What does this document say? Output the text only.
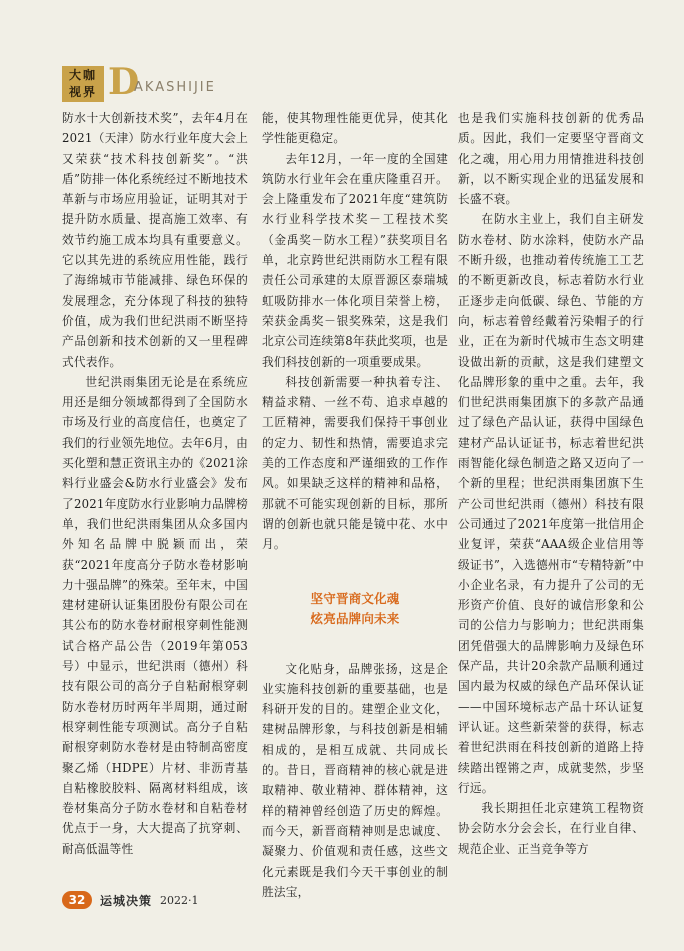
大咖
视界 D
AKASHIJIE

防水十大创新技术奖”，去年4月在2021（天津）防水行业年度大会上又荣获“技术科技创新奖”。“洪盾”防排一体化系统经过不断地技术革新与市场应用验证，证明其对于提升防水质量、提高施工效率、有效节约施工成本均具有重要意义。它以其先进的系统应用性能，践行了海绵城市节能减排、绿色环保的发展理念，充分体现了科技的独特价值，成为我们世纪洪雨不断坚持产品创新和技术创新的又一里程碑式代表作。

世纪洪雨集团无论是在系统应用还是细分领域都得到了全国防水市场及行业的高度信任，也奠定了我们的行业领先地位。去年6月，由买化塑和慧正资讯主办的《2021涂料行业盛会&防水行业盛会》发布了2021年度防水行业影响力品牌榜单，我们世纪洪雨集团从众多国内外知名品牌中脱颖而出，荣获“2021年度高分子防水卷材影响力十强品牌”的殊荣。至年末，中国建材建研认证集团股份有限公司在其公布的防水卷材耐根穿刺性能测试合格产品公告（2019年第053号）中显示，世纪洪雨（德州）科技有限公司的高分子自粘耐根穿刺防水卷材历时两年半周期，通过耐根穿刺性能专项测试。高分子自粘耐根穿刺防水卷材是由特制高密度聚乙烯（HDPE）片材、非沥青基自粘橡胶胶料、隔离材料组成，该卷材集高分子防水卷材和自粘卷材优点于一身，大大提高了抗穿刺、耐高低温等性

能，使其物理性能更优异，使其化学性能更稳定。

去年12月，一年一度的全国建筑防水行业年会在重庆隆重召开。会上隆重发布了2021年度“建筑防水行业科学技术奖－工程技术奖（金禹奖－防水工程）”获奖项目名单，北京跨世纪洪雨防水工程有限责任公司承建的太原晋源区泰瑞城虹吸防排水一体化项目荣誉上榜，荣获金禹奖－银奖殊荣，这是我们北京公司连续第8年获此奖项，也是我们科技创新的一项重要成果。

科技创新需要一种执着专注、精益求精、一丝不苟、追求卓越的工匠精神，需要我们保持干事创业的定力、韧性和热情，需要追求完美的工作态度和严谨细致的工作作风。如果缺乏这样的精神和品格，那就不可能实现创新的目标，那所谓的创新也就只能是镜中花、水中月。

坚守晋商文化魂
炫亮品牌向未来

文化贴身，品牌张扬，这是企业实施科技创新的重要基础，也是科研开发的目的。建塑企业文化，建树品牌形象，与科技创新是相辅相成的，是相互成就、共同成长的。昔日，晋商精神的核心就是进取精神、敬业精神、群体精神，这样的精神曾经创造了历史的辉煌。而今天，新晋商精神则是忠诚度、凝聚力、价值观和责任感，这些文化元素既是我们今天干事创业的制胜法宝，

也是我们实施科技创新的优秀品质。因此，我们一定要坚守晋商文化之魂，用心用力用情推进科技创新，以不断实现企业的迅猛发展和长盛不衰。

在防水主业上，我们自主研发防水卷材、防水涂料，使防水产品不断升级，也推动着传统施工工艺的不断更新改良，标志着防水行业正逐步走向低碳、绿色、节能的方向，标志着曾经戴着污染帽子的行业，正在为新时代城市生态文明建设做出新的贡献，这是我们建塑文化品牌形象的重中之重。去年，我们世纪洪雨集团旗下的多款产品通过了绿色产品认证，获得中国绿色建材产品认证证书，标志着世纪洪雨智能化绿色制造之路又迈向了一个新的里程；世纪洪雨集团旗下生产公司世纪洪雨（德州）科技有限公司通过了2021年度第一批信用企业复评，荣获“AAA级企业信用等级证书”，入选德州市“专精特新”中小企业名录，有力提升了公司的无形资产价值、良好的诚信形象和公司的公信力与影响力；世纪洪雨集团凭借强大的品牌影响力及绿色环保产品，共计20余款产品顺利通过国内最为权威的绿色产品环保认证——中国环境标志产品十环认证复评认证。这些新荣誉的获得，标志着世纪洪雨在科技创新的道路上持续踏出铿锵之声，成就斐然，步坚行远。

我长期担任北京建筑工程物资协会防水分会会长，在行业自律、规范企业、正当竞争等方

32	运城决策 2022·1
